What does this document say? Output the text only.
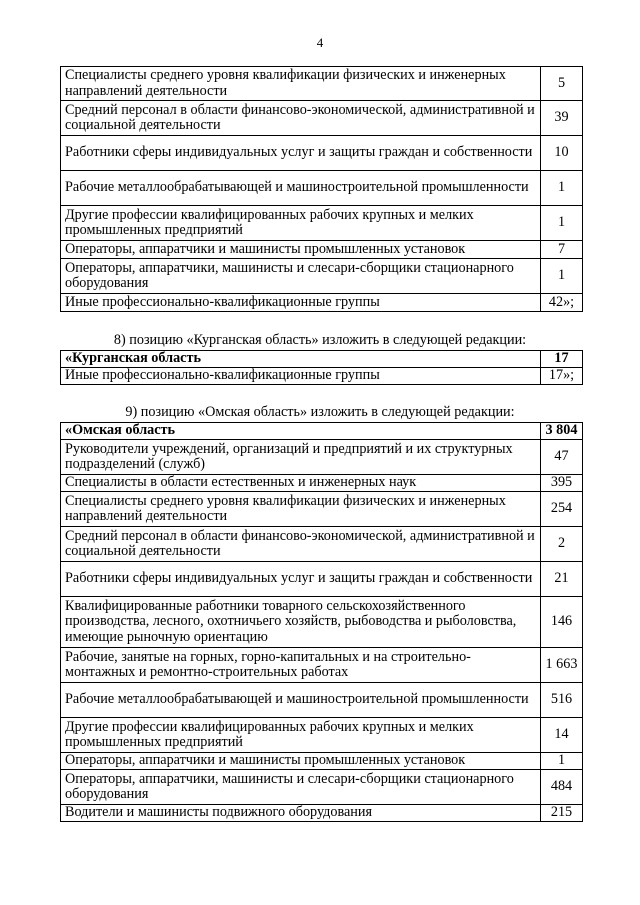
4
Специалисты среднего уровня квалификации физических и инженерных направлений деятельности	5
Средний персонал в области финансово-экономической, административной и социальной деятельности	39
Работники сферы индивидуальных услуг и защиты граждан и собственности	10
Рабочие металлообрабатывающей и машиностроительной промышленности	1
Другие профессии квалифицированных рабочих крупных и мелких промышленных предприятий	1
Операторы, аппаратчики и машинисты промышленных установок	7
Операторы, аппаратчики, машинисты и слесари-сборщики стационарного оборудования	1
Иные профессионально-квалификационные группы	42»;
8) позицию «Курганская область» изложить в следующей редакции:
«Курганская область	17
Иные профессионально-квалификационные группы	17»;
9) позицию «Омская область» изложить в следующей редакции:
«Омская область	3 804
Руководители учреждений, организаций и предприятий и их структурных подразделений (служб)	47
Специалисты в области естественных и инженерных наук	395
Специалисты среднего уровня квалификации физических и инженерных направлений деятельности	254
Средний персонал в области финансово-экономической, административной и социальной деятельности	2
Работники сферы индивидуальных услуг и защиты граждан и собственности	21
Квалифицированные работники товарного сельскохозяйственного производства, лесного, охотничьего хозяйств, рыбоводства и рыболовства, имеющие рыночную ориентацию	146
Рабочие, занятые на горных, горно-капитальных и на строительно-монтажных и ремонтно-строительных работах	1 663
Рабочие металлообрабатывающей и машиностроительной промышленности	516
Другие профессии квалифицированных рабочих крупных и мелких промышленных предприятий	14
Операторы, аппаратчики и машинисты промышленных установок	1
Операторы, аппаратчики, машинисты и слесари-сборщики стационарного оборудования	484
Водители и машинисты подвижного оборудования	215
